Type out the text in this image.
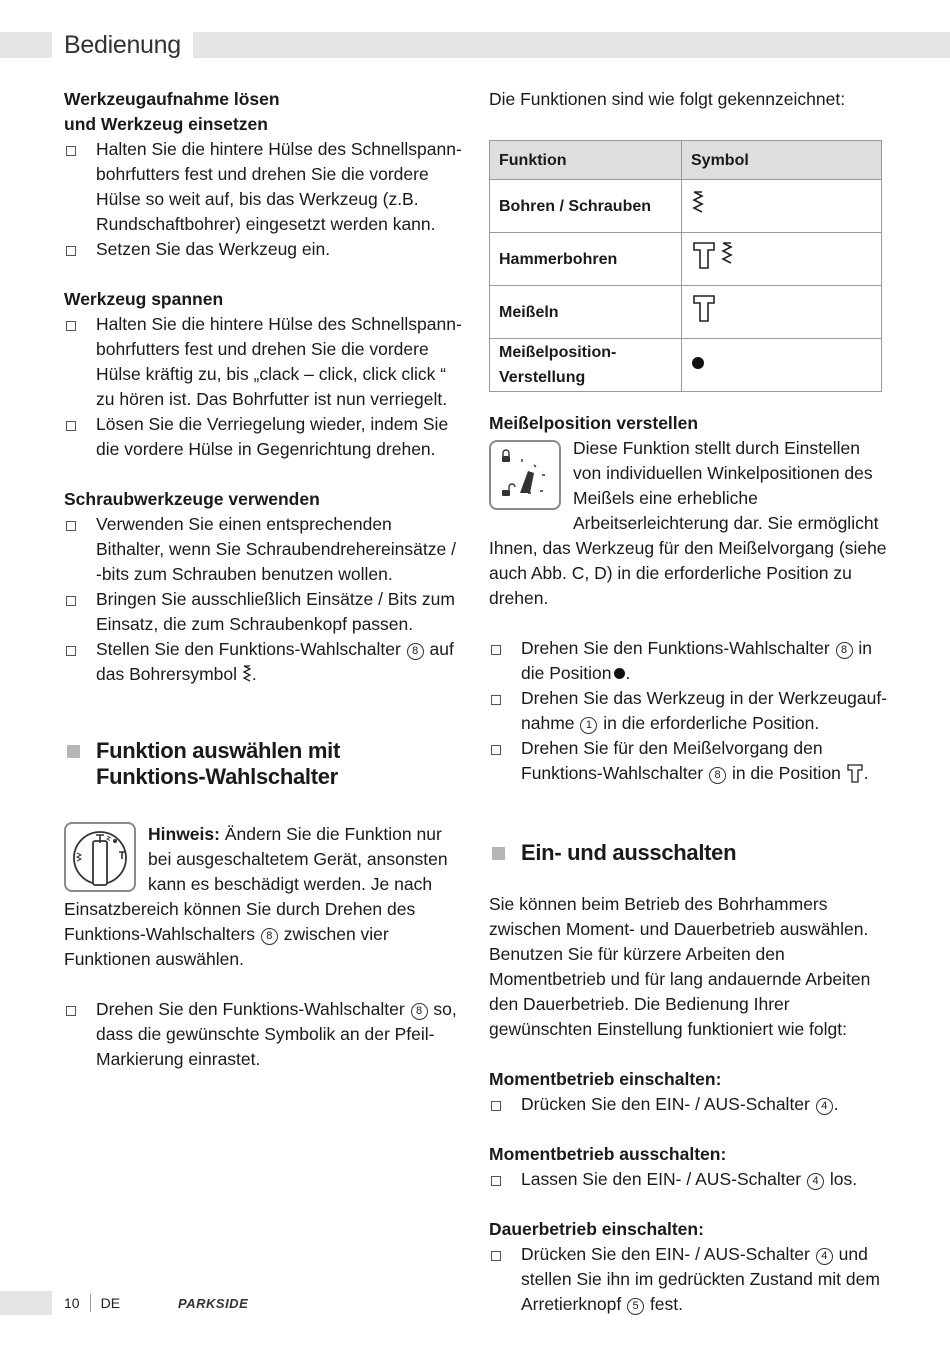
Bedienung
Werkzeugaufnahme lösen
und Werkzeug einsetzen
Halten Sie die hintere Hülse des Schnellspannbohrfutters fest und drehen Sie die vordere Hülse so weit auf, bis das Werkzeug (z.B. Rundschaftbohrer) eingesetzt werden kann.
Setzen Sie das Werkzeug ein.
Werkzeug spannen
Halten Sie die hintere Hülse des Schnellspannbohrfutters fest und drehen Sie die vordere Hülse kräftig zu, bis „clack – click, click click “ zu hören ist. Das Bohrfutter ist nun verriegelt.
Lösen Sie die Verriegelung wieder, indem Sie die vordere Hülse in Gegenrichtung drehen.
Schraubwerkzeuge verwenden
Verwenden Sie einen entsprechenden Bithalter, wenn Sie Schraubendrehereinsätze / -bits zum Schrauben benutzen wollen.
Bringen Sie ausschließlich Einsätze / Bits zum Einsatz, die zum Schraubenkopf passen.
Stellen Sie den Funktions-Wahlschalter 8 auf das Bohrersymbol .
Funktion auswählen mit
Funktions-Wahlschalter
Hinweis: Ändern Sie die Funktion nur bei ausgeschaltetem Gerät, ansonsten kann es beschädigt werden. Je nach Einsatzbereich können Sie durch Drehen des Funktions-Wahlschalters 8 zwischen vier Funktionen auswählen.
Drehen Sie den Funktions-Wahlschalter 8 so, dass die gewünschte Symbolik an der Pfeil-Markierung einrastet.
Die Funktionen sind wie folgt gekennzeichnet:
Funktion	Symbol
Bohren / Schrauben	
Hammerbohren	
Meißeln	

Meißelposition-
Verstellung

Meißelposition verstellen
Diese Funktion stellt durch Einstellen von individuellen Winkelpositionen des Meißels eine erhebliche Arbeitserleichterung dar. Sie ermöglicht Ihnen, das Werkzeug für den Meißelvorgang (siehe auch Abb. C, D) in die erforderliche Position zu drehen.
Drehen Sie den Funktions-Wahlschalter 8 in die Position .
Drehen Sie das Werkzeug in der Werkzeugaufnahme 1 in die erforderliche Position.
Drehen Sie für den Meißelvorgang den Funktions-Wahlschalter 8 in die Position .
Ein- und ausschalten
Sie können beim Betrieb des Bohrhammers zwischen Moment- und Dauerbetrieb auswählen. Benutzen Sie für kürzere Arbeiten den Momentbetrieb und für lang andauernde Arbeiten den Dauerbetrieb. Die Bedienung Ihrer gewünschten Einstellung funktioniert wie folgt:
Momentbetrieb einschalten:
Drücken Sie den EIN- / AUS-Schalter 4 .
Momentbetrieb ausschalten:
Lassen Sie den EIN- / AUS-Schalter 4 los.
Dauerbetrieb einschalten:
Drücken Sie den EIN- / AUS-Schalter 4 und stellen Sie ihn im gedrückten Zustand mit dem Arretierknopf 5 fest.
10 DE	PARKSIDE
